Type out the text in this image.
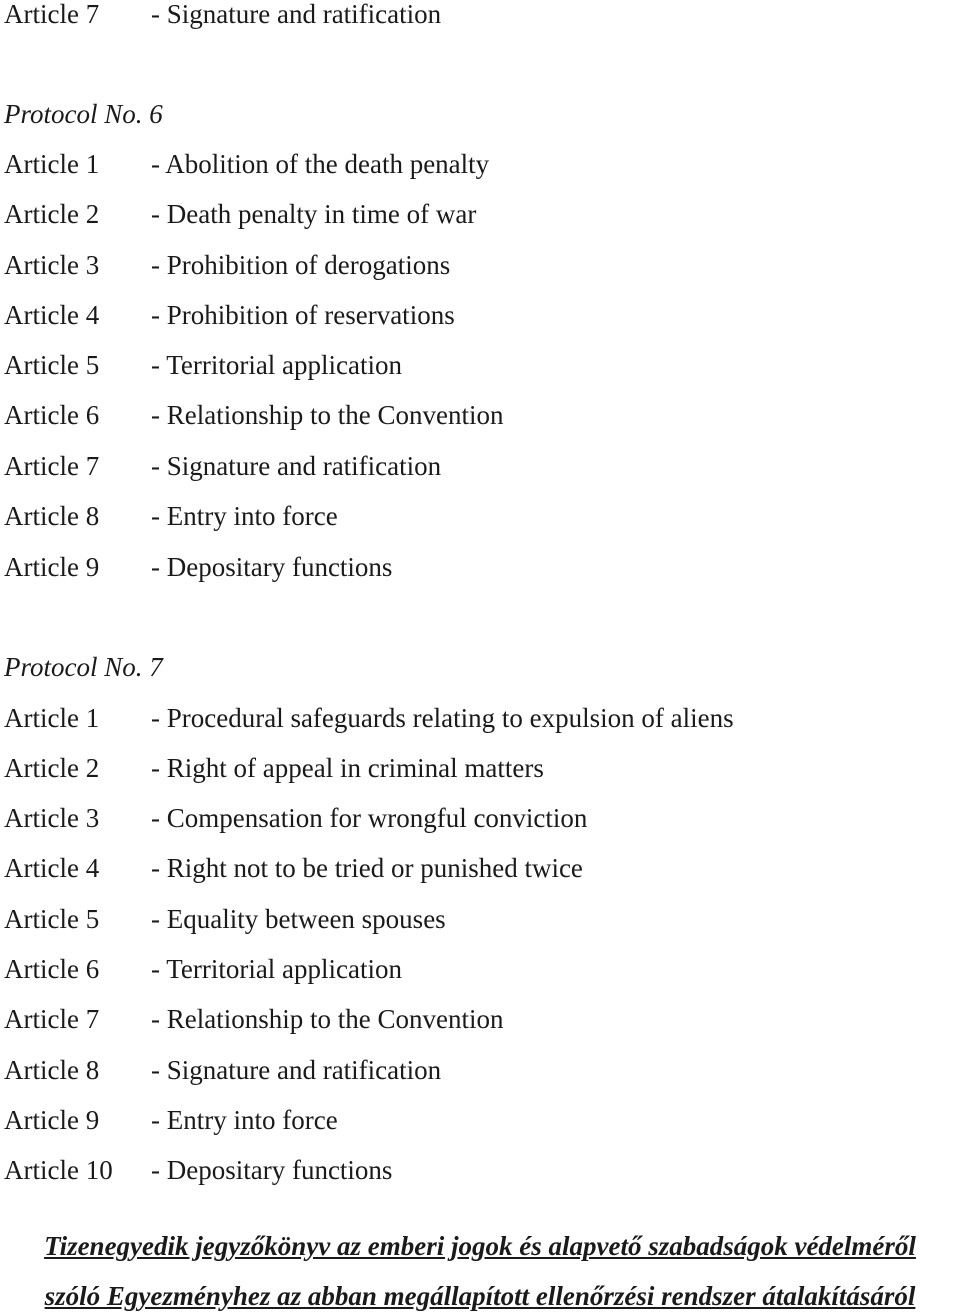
Article 7	- Signature and ratification
Protocol No. 6
Article 1	- Abolition of the death penalty
Article 2	- Death penalty in time of war
Article 3	- Prohibition of derogations
Article 4	- Prohibition of reservations
Article 5	- Territorial application
Article 6	- Relationship to the Convention
Article 7	- Signature and ratification
Article 8	- Entry into force
Article 9	- Depositary functions
Protocol No. 7
Article 1	- Procedural safeguards relating to expulsion of aliens
Article 2	- Right of appeal in criminal matters
Article 3	- Compensation for wrongful conviction
Article 4	- Right not to be tried or punished twice
Article 5	- Equality between spouses
Article 6	- Territorial application
Article 7	- Relationship to the Convention
Article 8	- Signature and ratification
Article 9	- Entry into force
Article 10	- Depositary functions
Tizenegyedik jegyzőkönyv az emberi jogok és alapvető szabadságok védelméről
szóló Egyezményhez az abban megállapított ellenőrzési rendszer átalakításáról
